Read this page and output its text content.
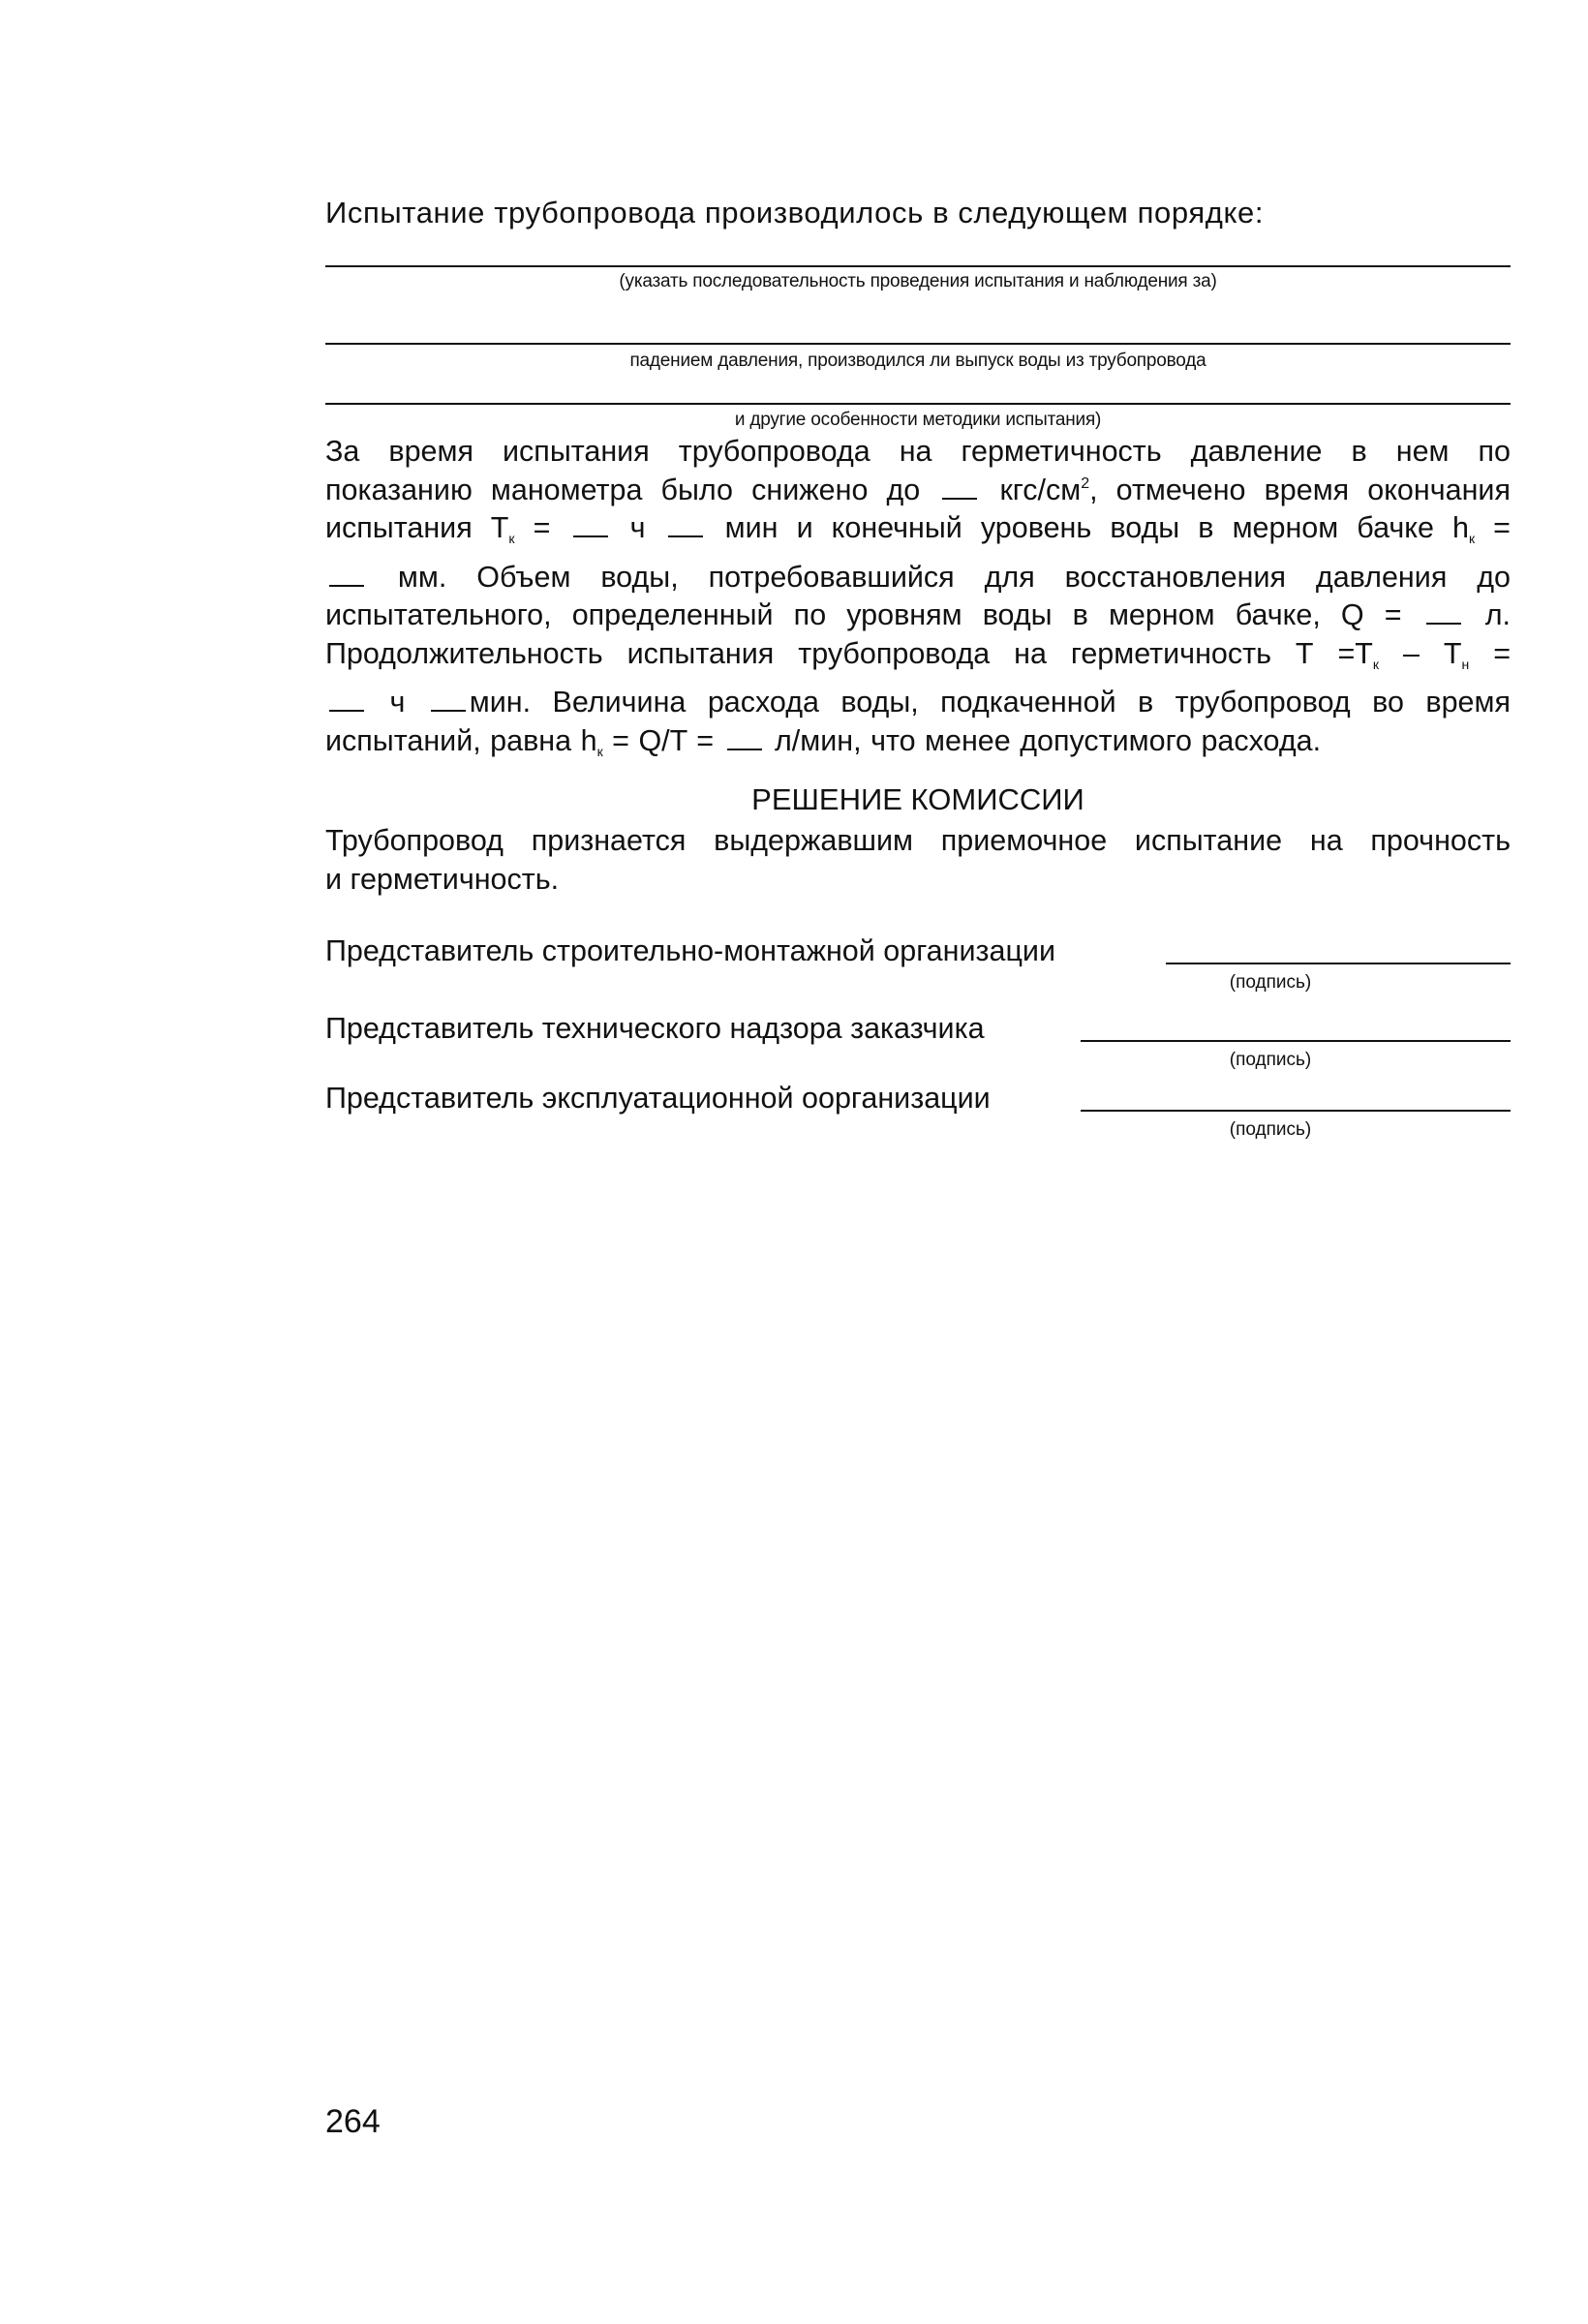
Испытание трубопровода производилось в следующем порядке:
(указать последовательность проведения испытания и наблюдения за)
падением давления, производился ли выпуск воды из трубопровода
и другие особенности методики испытания)
За время испытания трубопровода на герметичность давление в нем по
показанию манометра было снижено до	кгс/$см^2$, отмечено время окончания
испытания $Т_к$ =	ч	мин и конечный уровень воды в мерном бачке $h_к$ =
мм. Объем воды, потребовавшийся для восстановления давления до
испытательного, определенный по уровням воды в мерном бачке, Q =	л.
Продолжительность испытания трубопровода на герметичность $Т =Т_к - Т_н$ =
ч мин. Величина расхода воды, подкаченной в трубопровод во время
испытаний, равна $h_к = Q/T = л/мин$, что менее допустимого расхода.
РЕШЕНИЕ КОМИССИИ
Трубопровод признается выдержавшим приемочное испытание на прочность
и герметичность.
Представитель строительно-монтажной организации
(подпись)
Представитель технического надзора заказчика
(подпись)
Представитель эксплуатационной оорганизации
(подпись)
264
